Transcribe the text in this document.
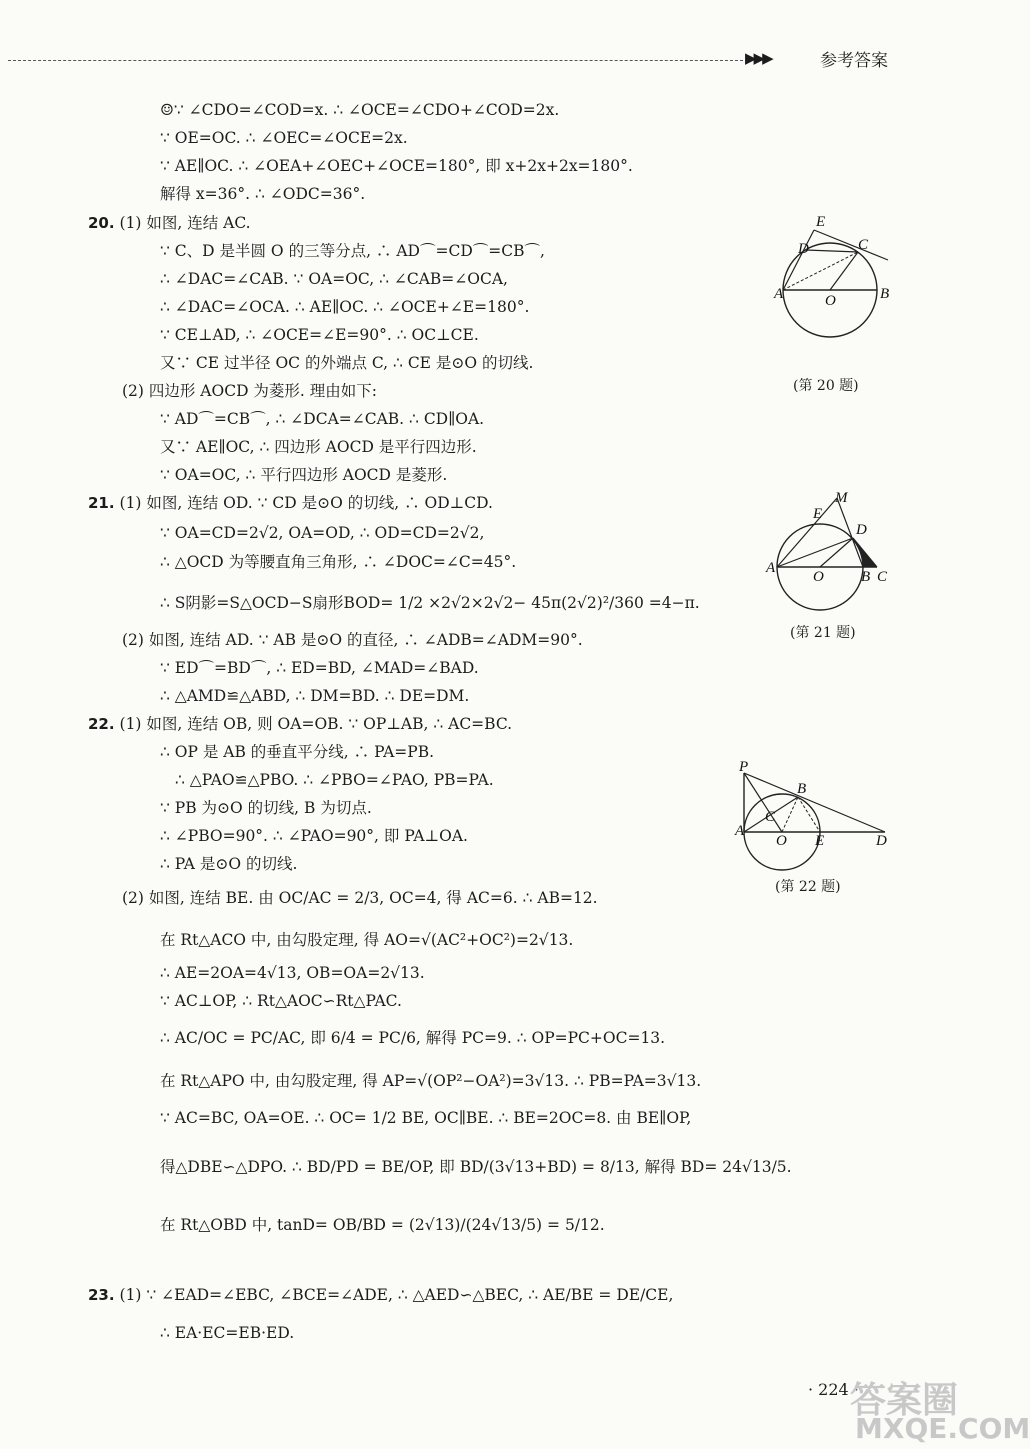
▶▶▶	参考答案
☺∵ ∠CDO=∠COD=x. ∴ ∠OCE=∠CDO+∠COD=2x.
∵ OE=OC. ∴ ∠OEC=∠OCE=2x.
∵ AE∥OC. ∴ ∠OEA+∠OEC+∠OCE=180°, 即 x+2x+2x=180°.
解得 x=36°. ∴ ∠ODC=36°.
20. (1) 如图, 连结 AC.
∵ C、D 是半圆 O 的三等分点, ∴ AD⌒=CD⌒=CB⌒,
∴ ∠DAC=∠CAB. ∵ OA=OC, ∴ ∠CAB=∠OCA,
∴ ∠DAC=∠OCA. ∴ AE∥OC. ∴ ∠OCE+∠E=180°.
∵ CE⊥AD, ∴ ∠OCE=∠E=90°. ∴ OC⊥CE.
又∵ CE 过半径 OC 的外端点 C, ∴ CE 是⊙O 的切线.
(2) 四边形 AOCD 为菱形. 理由如下:
∵ AD⌒=CB⌒, ∴ ∠DCA=∠CAB. ∴ CD∥OA.
又∵ AE∥OC, ∴ 四边形 AOCD 是平行四边形.
∵ OA=OC, ∴ 平行四边形 AOCD 是菱形.
21. (1) 如图, 连结 OD. ∵ CD 是⊙O 的切线, ∴ OD⊥CD.
∵ OA=CD=2√2, OA=OD, ∴ OD=CD=2√2,
∴ △OCD 为等腰直角三角形, ∴ ∠DOC=∠C=45°.
∴ S阴影=S△OCD−S扇形BOD= 1/2 ×2√2×2√2− 45π(2√2)²/360 =4−π.
(2) 如图, 连结 AD. ∵ AB 是⊙O 的直径, ∴ ∠ADB=∠ADM=90°.
∵ ED⌒=BD⌒, ∴ ED=BD, ∠MAD=∠BAD.
∴ △AMD≌△ABD, ∴ DM=BD. ∴ DE=DM.
22. (1) 如图, 连结 OB, 则 OA=OB. ∵ OP⊥AB, ∴ AC=BC.
∴ OP 是 AB 的垂直平分线, ∴ PA=PB.
∴ △PAO≌△PBO. ∴ ∠PBO=∠PAO, PB=PA.
∵ PB 为⊙O 的切线, B 为切点.
∴ ∠PBO=90°. ∴ ∠PAO=90°, 即 PA⊥OA.
∴ PA 是⊙O 的切线.
(2) 如图, 连结 BE. 由 OC/AC = 2/3, OC=4, 得 AC=6. ∴ AB=12.
在 Rt△ACO 中, 由勾股定理, 得 AO=√(AC²+OC²)=2√13.
∴ AE=2OA=4√13, OB=OA=2√13.
∵ AC⊥OP, ∴ Rt△AOC∽Rt△PAC.
∴ AC/OC = PC/AC, 即 6/4 = PC/6, 解得 PC=9. ∴ OP=PC+OC=13.
在 Rt△APO 中, 由勾股定理, 得 AP=√(OP²−OA²)=3√13. ∴ PB=PA=3√13.
∵ AC=BC, OA=OE. ∴ OC= 1/2 BE, OC∥BE. ∴ BE=2OC=8. 由 BE∥OP,
得△DBE∽△DPO. ∴ BD/PD = BE/OP, 即 BD/(3√13+BD) = 8/13, 解得 BD= 24√13/5.
在 Rt△OBD 中, tanD= OB/BD = (2√13)/(24√13/5) = 5/12.
23. (1) ∵ ∠EAD=∠EBC, ∠BCE=∠ADE, ∴ △AED∽△BEC, ∴ AE/BE = DE/CE,
∴ EA·EC=EB·ED.
E
D	C
A	O	B
(第 20 题)
M
E
D
A
O B C
(第 21 题)
P
B
A
C
O E	D
(第 22 题)
· 224 ·
答案圈
MXQE.COM
